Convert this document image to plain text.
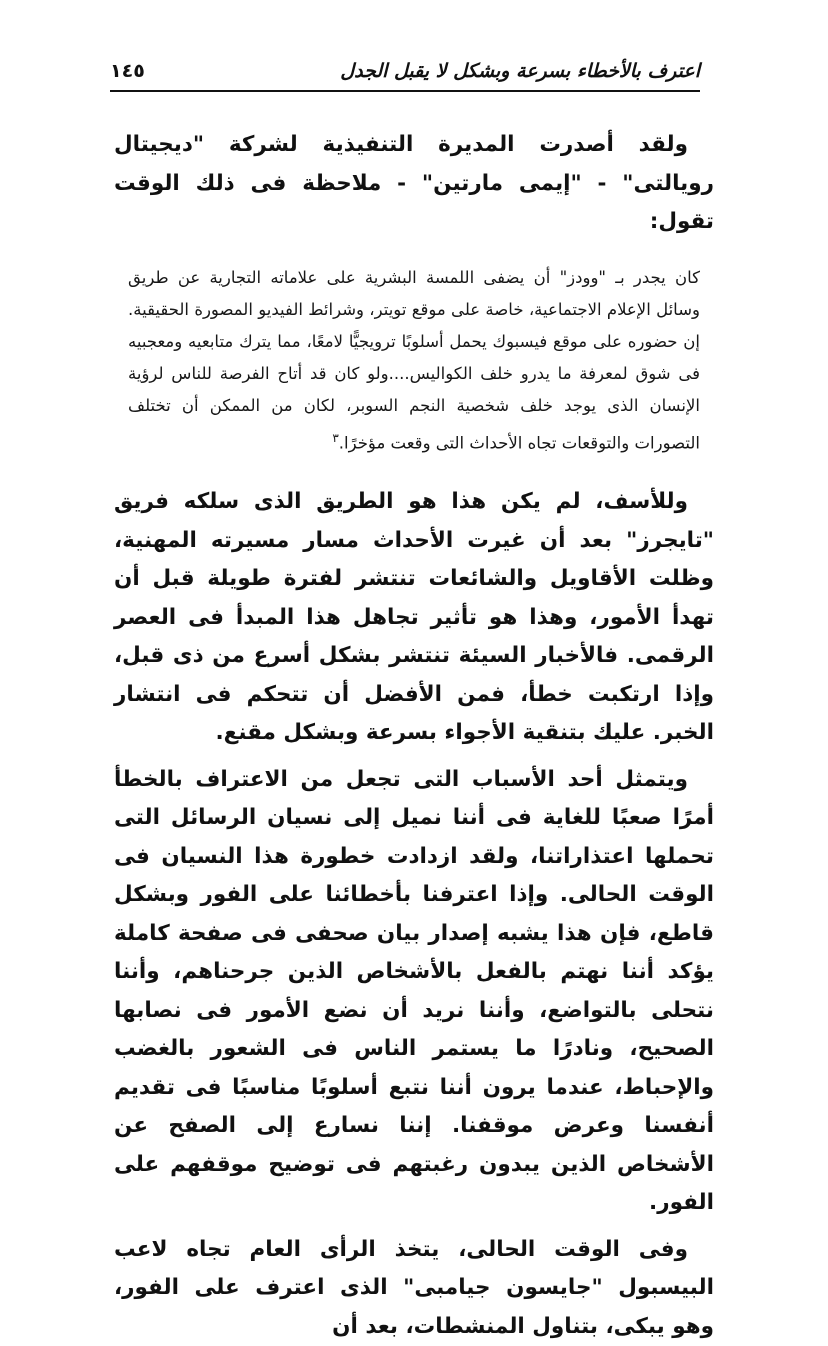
اعترف بالأخطاء بسرعة وبشكل لا يقبل الجدل
١٤٥

ولقد أصدرت المديرة التنفيذية لشركة "ديجيتال رويالتى" - "إيمى مارتين" - ملاحظة فى ذلك الوقت تقول:

كان يجدر بـ "وودز" أن يضفى اللمسة البشرية على علاماته التجارية عن طريق وسائل الإعلام الاجتماعية، خاصة على موقع تويتر، وشرائط الفيديو المصورة الحقيقية. إن حضوره على موقع فيسبوك يحمل أسلوبًا ترويجيًّا لامعًا، مما يترك متابعيه ومعجبيه فى شوق لمعرفة ما يدرو خلف الكواليس....ولو كان قد أتاح الفرصة للناس لرؤية الإنسان الذى يوجد خلف شخصية النجم السوبر، لكان من الممكن أن تختلف التصورات والتوقعات تجاه الأحداث التى وقعت مؤخرًا.$^٣$

وللأسف، لم يكن هذا هو الطريق الذى سلكه فريق "تايجرز" بعد أن غيرت الأحداث مسار مسيرته المهنية، وظلت الأقاويل والشائعات تنتشر لفترة طويلة قبل أن تهدأ الأمور، وهذا هو تأثير تجاهل هذا المبدأ فى العصر الرقمى. فالأخبار السيئة تنتشر بشكل أسرع من ذى قبل، وإذا ارتكبت خطأ، فمن الأفضل أن تتحكم فى انتشار الخبر. عليك بتنقية الأجواء بسرعة وبشكل مقنع.

ويتمثل أحد الأسباب التى تجعل من الاعتراف بالخطأ أمرًا صعبًا للغاية فى أننا نميل إلى نسيان الرسائل التى تحملها اعتذاراتنا، ولقد ازدادت خطورة هذا النسيان فى الوقت الحالى. وإذا اعترفنا بأخطائنا على الفور وبشكل قاطع، فإن هذا يشبه إصدار بيان صحفى فى صفحة كاملة يؤكد أننا نهتم بالفعل بالأشخاص الذين جرحناهم، وأننا نتحلى بالتواضع، وأننا نريد أن نضع الأمور فى نصابها الصحيح، ونادرًا ما يستمر الناس فى الشعور بالغضب والإحباط، عندما يرون أننا نتبع أسلوبًا مناسبًا فى تقديم أنفسنا وعرض موقفنا. إننا نسارع إلى الصفح عن الأشخاص الذين يبدون رغبتهم فى توضيح موقفهم على الفور.

وفى الوقت الحالى، يتخذ الرأى العام تجاه لاعب البيسبول "جايسون جيامبى" الذى اعترف على الفور، وهو يبكى، بتناول المنشطات، بعد أن
